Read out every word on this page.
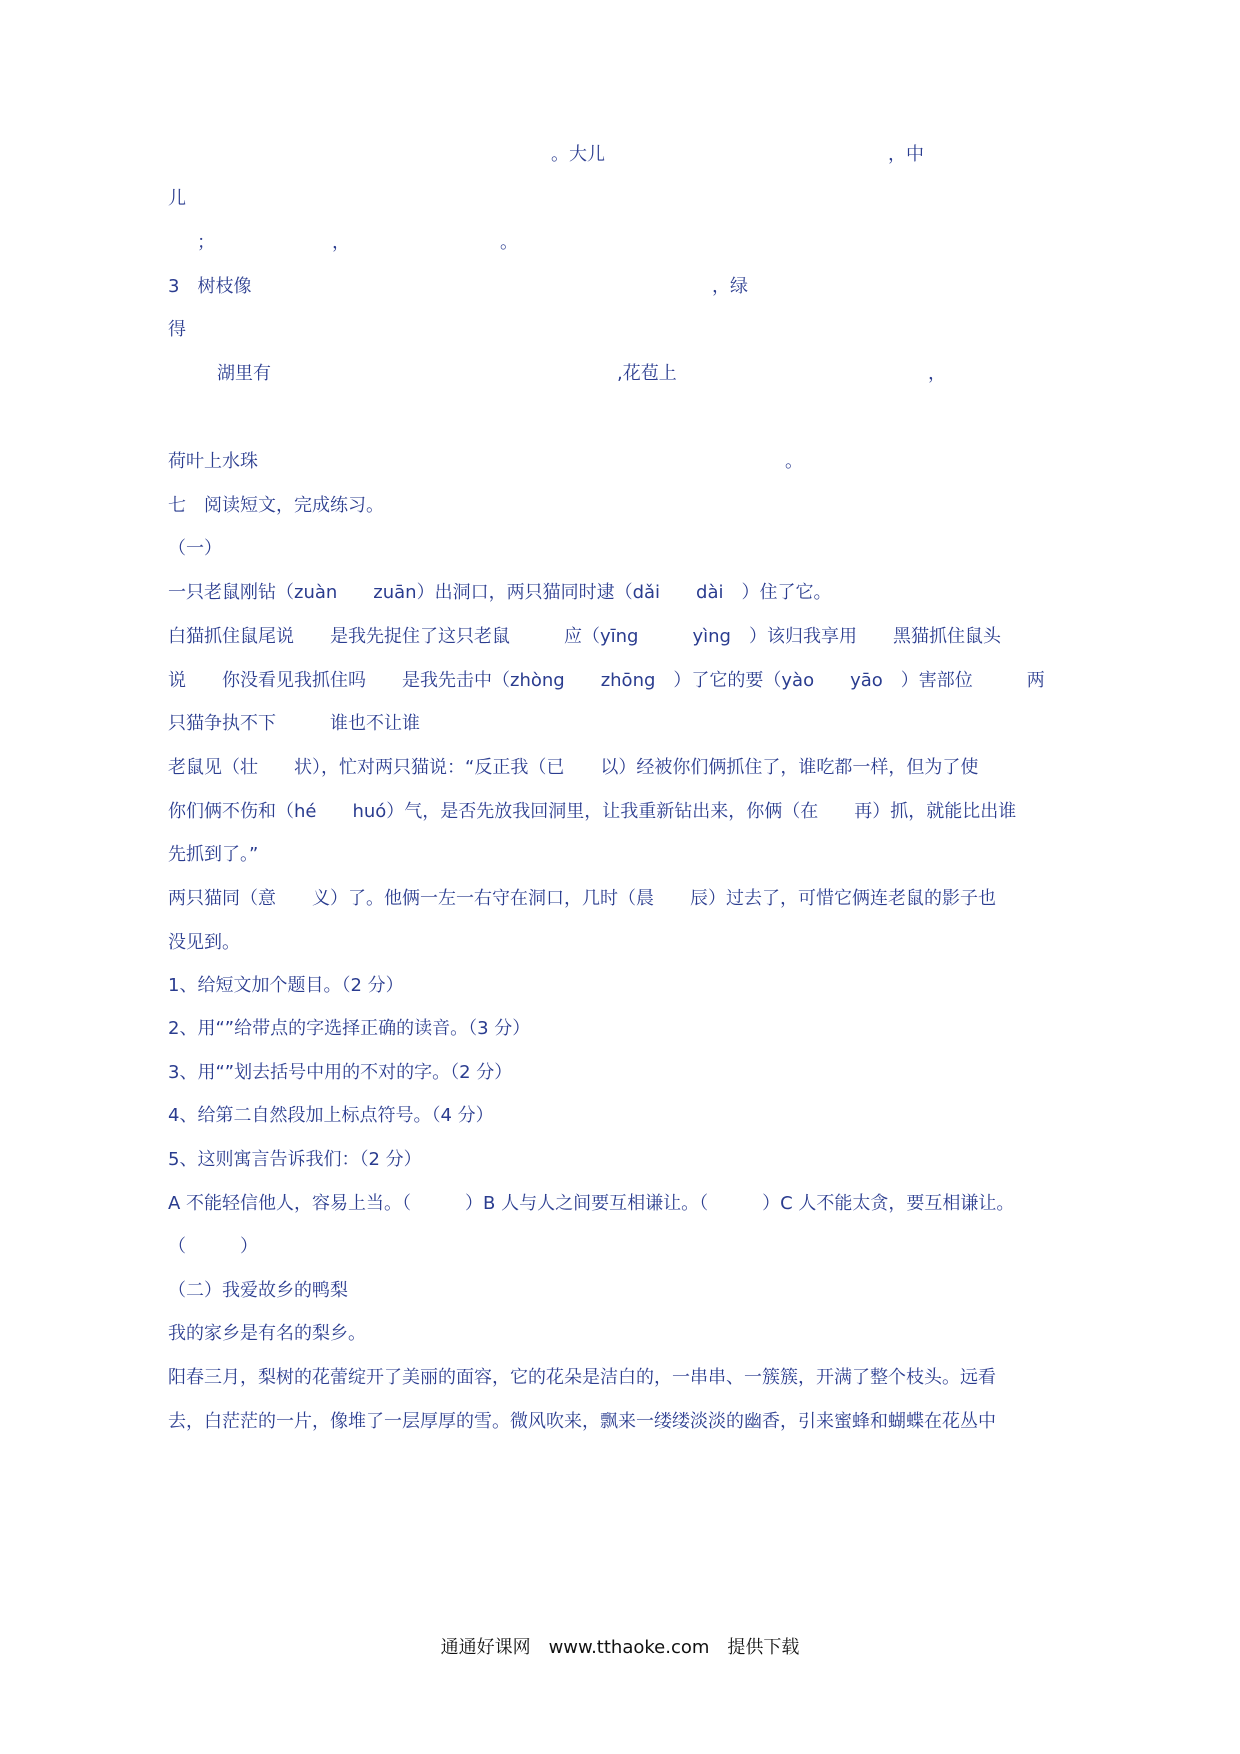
。大儿	，中
儿
；	，	。
3　树枝像	，绿
得
湖里有	,花苞上	，
荷叶上水珠	。
七　阅读短文，完成练习。
（一）
一只老鼠刚钻（zuàn　　zuān）出洞口，两只猫同时逮（dǎi　　dài　）住了它。
白猫抓住鼠尾说　　是我先捉住了这只老鼠　　　应（yīng　　　yìng　）该归我享用　　黑猫抓住鼠头
说　　你没看见我抓住吗　　是我先击中（zhòng　　zhōng　）了它的要（yào　　yāo　）害部位　　　两
只猫争执不下　　　谁也不让谁
老鼠见（壮　　状），忙对两只猫说：“反正我（已　　以）经被你们俩抓住了，谁吃都一样，但为了使
你们俩不伤和（hé　　huó）气，是否先放我回洞里，让我重新钻出来，你俩（在　　再）抓，就能比出谁
先抓到了。”
两只猫同（意　　义）了。他俩一左一右守在洞口，几时（晨　　辰）过去了，可惜它俩连老鼠的影子也
没见到。
1、给短文加个题目。（2 分）
2、用“”给带点的字选择正确的读音。（3 分）
3、用“”划去括号中用的不对的字。（2 分）
4、给第二自然段加上标点符号。（4 分）
5、这则寓言告诉我们：（2 分）
A 不能轻信他人，容易上当。（　　　）B 人与人之间要互相谦让。（　　　）C 人不能太贪，要互相谦让。
（　　　）
（二）我爱故乡的鸭梨
我的家乡是有名的梨乡。
阳春三月，梨树的花蕾绽开了美丽的面容，它的花朵是洁白的，一串串、一簇簇，开满了整个枝头。远看
去，白茫茫的一片，像堆了一层厚厚的雪。微风吹来，飘来一缕缕淡淡的幽香，引来蜜蜂和蝴蝶在花丛中
通通好课网　www.tthaoke.com　提供下载
